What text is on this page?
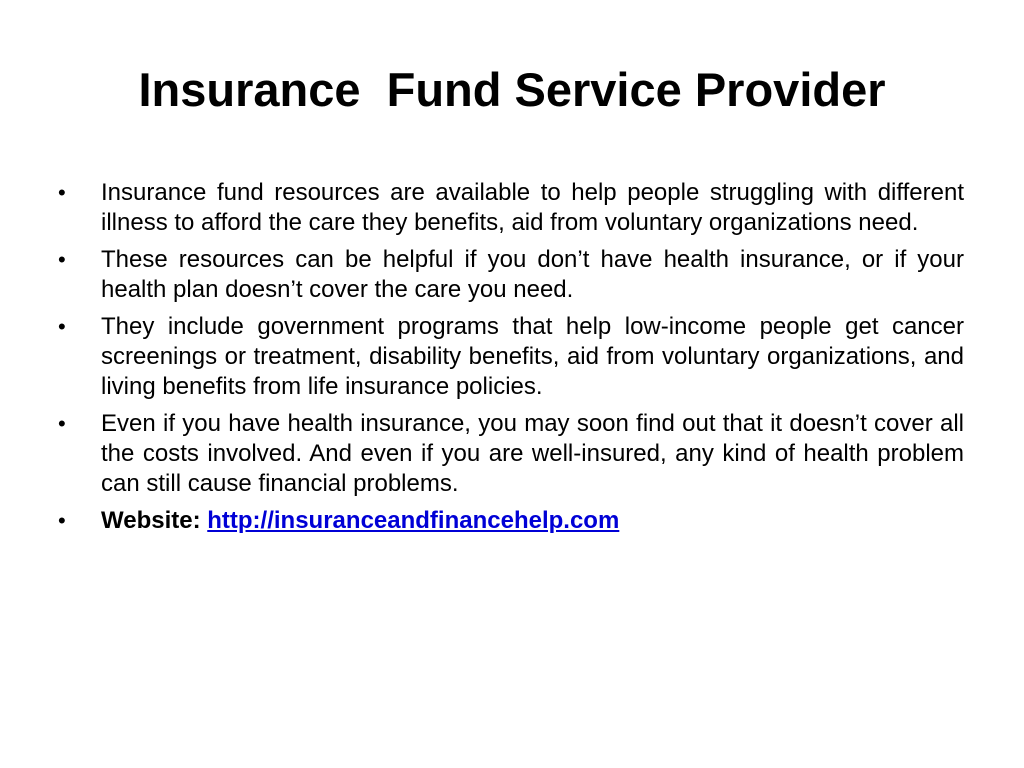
Insurance  Fund Service Provider
•	Insurance fund resources are available to help people struggling with different illness to afford the care they benefits, aid from voluntary organizations need.
•	These resources can be helpful if you don’t have health insurance, or if your health plan doesn’t cover the care you need.
•	They include government programs that help low-income people get cancer screenings or treatment, disability benefits, aid from voluntary organizations, and living benefits from life insurance policies.
•	Even if you have health insurance, you may soon find out that it doesn’t cover all the costs involved. And even if you are well-insured, any kind of health problem can still cause financial problems.
•	Website: http://insuranceandfinancehelp.com
